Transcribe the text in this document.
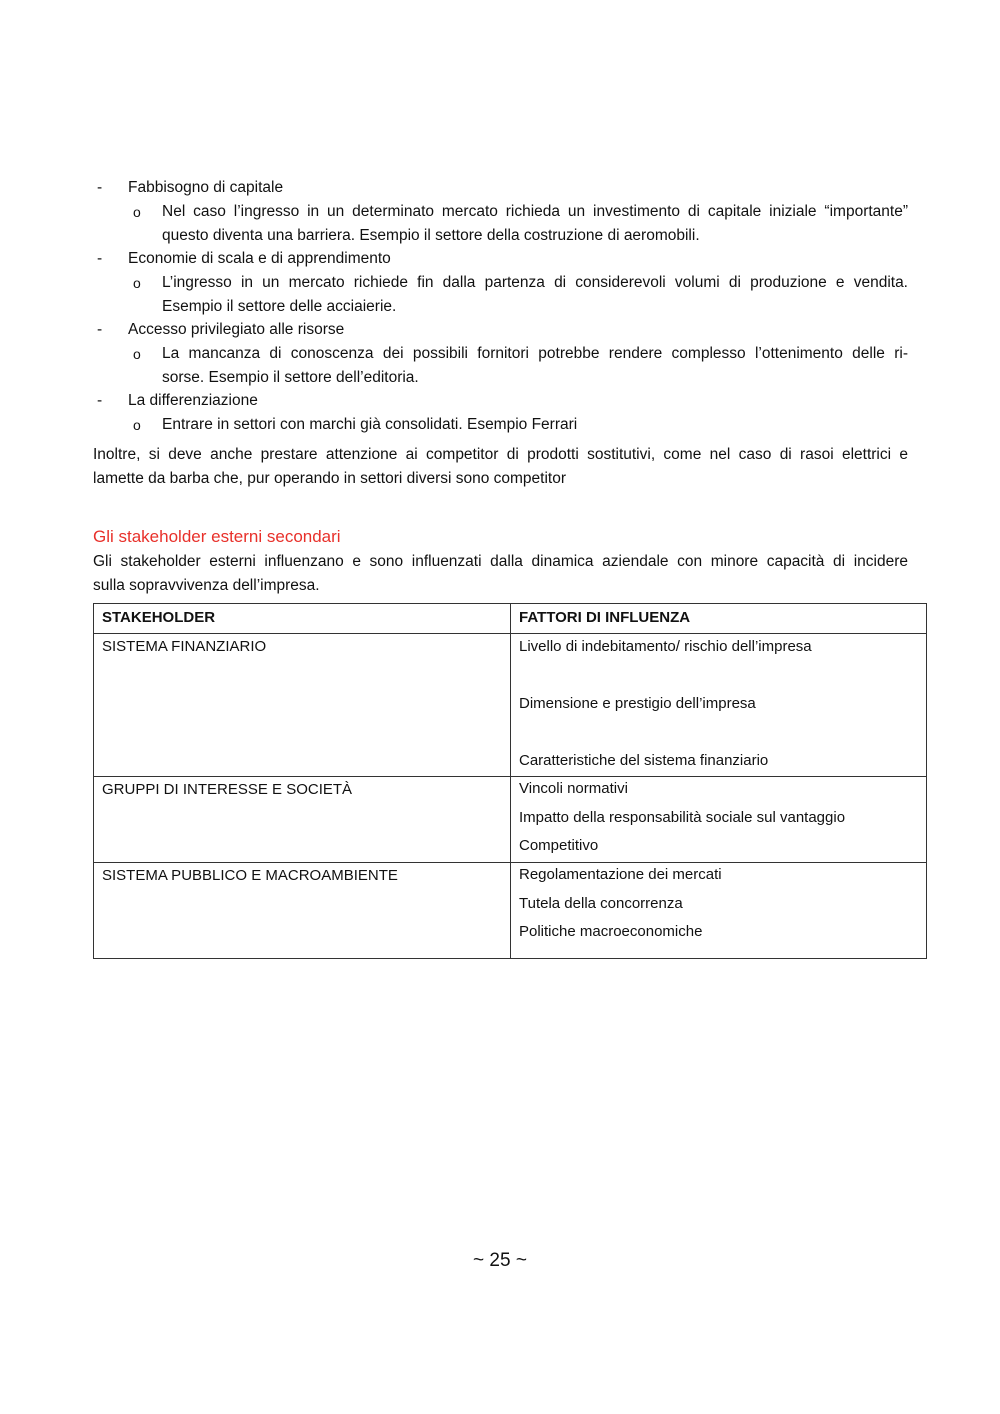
- Fabbisogno di capitale
o Nel caso l’ingresso in un determinato mercato richieda un investimento di capitale iniziale “importante”
questo diventa una barriera. Esempio il settore della costruzione di aeromobili.
- Economie di scala e di apprendimento
o L’ingresso in un mercato richiede fin dalla partenza di considerevoli volumi di produzione e vendita.
Esempio il settore delle acciaierie.
- Accesso privilegiato alle risorse
o La mancanza di conoscenza dei possibili fornitori potrebbe rendere complesso l’ottenimento delle ri-
sorse. Esempio il settore dell’editoria.
- La differenziazione
o Entrare in settori con marchi già consolidati. Esempio Ferrari
Inoltre, si deve anche prestare attenzione ai competitor di prodotti sostitutivi, come nel caso di rasoi elettrici e
lamette da barba che, pur operando in settori diversi sono competitor
Gli stakeholder esterni secondari
Gli stakeholder esterni influenzano e sono influenzati dalla dinamica aziendale con minore capacità di incidere
sulla sopravvivenza dell’impresa.
STAKEHOLDER	FATTORI DI INFLUENZA

SISTEMA FINANZIARIO	Livello di indebitamento/ rischio dell’impresa
Dimensione e prestigio dell’impresa
Caratteristiche del sistema finanziario

GRUPPI DI INTERESSE E SOCIETÀ	Vincoli normativi
Impatto della responsabilità sociale sul vantaggio
Competitivo

SISTEMA PUBBLICO E MACROAMBIENTE	Regolamentazione dei mercati
Tutela della concorrenza
Politiche macroeconomiche
~ 25 ~
